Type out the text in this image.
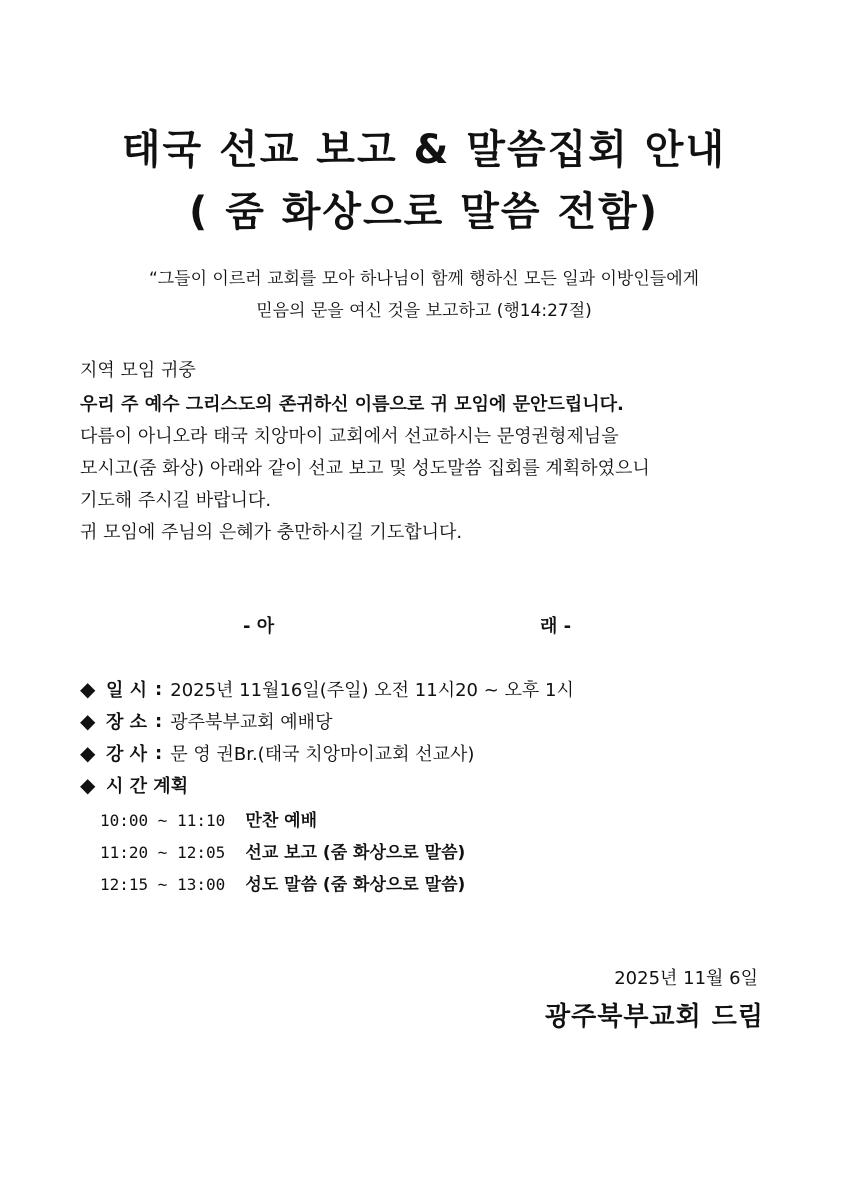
태국 선교 보고 & 말씀집회 안내
( 줌 화상으로 말씀 전함)
“그들이 이르러 교회를 모아 하나님이 함께 행하신 모든 일과 이방인들에게
믿음의 문을 여신 것을 보고하고 (행14:27절)
지역 모임 귀중
우리 주 예수 그리스도의 존귀하신 이름으로 귀 모임에 문안드립니다.
다름이 아니오라 태국 치앙마이 교회에서 선교하시는 문영권형제님을
모시고(줌 화상) 아래와 같이 선교 보고 및 성도말씀 집회를 계획하였으니
기도해 주시길 바랍니다.
귀 모임에 주님의 은혜가 충만하시길 기도합니다.
- 아	래 -
◆ 일 시 : 2025년 11월16일(주일) 오전 11시20 ~ 오후 1시
◆ 장 소 : 광주북부교회 예배당
◆ 강 사 : 문 영 권Br.(태국 치앙마이교회 선교사)
◆ 시 간 계획
10:00 ~ 11:10 만찬 예배
11:20 ~ 12:05 선교 보고 (줌 화상으로 말씀)
12:15 ~ 13:00 성도 말씀 (줌 화상으로 말씀)
2025년 11월 6일
광주북부교회 드림
